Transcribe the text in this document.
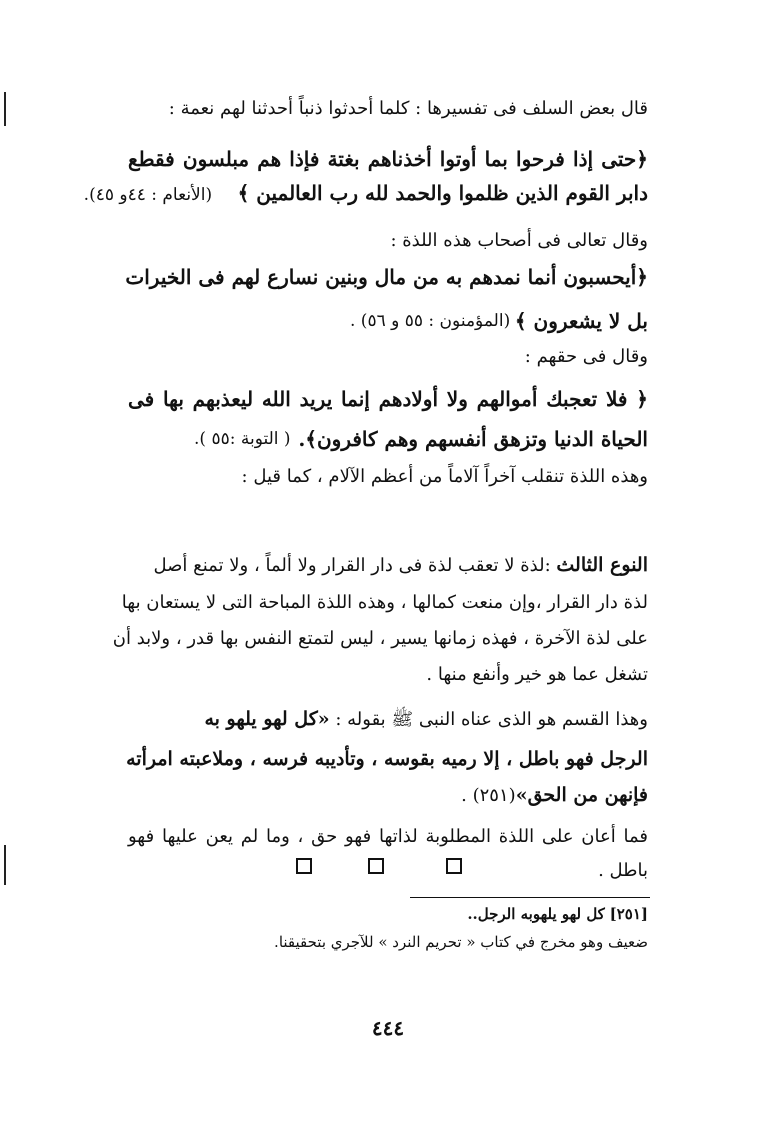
قال بعض السلف فى تفسيرها : كلما أحدثوا ذنباً أحدثنا لهم نعمة :
﴿حتى إذا فرحوا بما أوتوا أخذناهم بغتة فإذا هم مبلسون فقطع
دابر القوم الذين ظلموا والحمد لله رب العالمين ﴾  (الأنعام : ٤٤و ٤٥).
وقال تعالى فى أصحاب هذه اللذة :
﴿أيحسبون أنما نمدهم به من مال وبنين نسارع لهم فى الخيرات
بل لا يشعرون ﴾
(المؤمنون : ٥٥ و ٥٦) .
وقال فى حقهم :
﴿ فلا تعجبك أموالهم ولا أولادهم إنما يريد الله ليعذبهم بها فى
الحياة الدنيا وتزهق أنفسهم وهم كافرون﴾.
( التوبة :٥٥ ).
وهذه اللذة تنقلب آخراً آلاماً من أعظم الآلام ، كما قيل :
النوع الثالث :لذة لا تعقب لذة فى دار القرار ولا ألماً ، ولا تمنع أصل
لذة دار القرار ،وإن منعت كمالها ، وهذه اللذة المباحة التى لا يستعان بها
على لذة الآخرة ، فهذه زمانها يسير ، ليس لتمتع النفس بها قدر ، ولابد أن
تشغل عما هو خير وأنفع منها .
وهذا القسم هو الذى عناه النبى ﷺ بقوله : «كل لهو يلهو به
الرجل فهو باطل ، إلا رميه بقوسه ، وتأديبه فرسه ، وملاعبته امرأته
فإنهن من الحق»(٢٥١) .
فما أعان على اللذة المطلوبة لذاتها فهو حق ، وما لم يعن عليها فهو
باطل .
[٢٥١] كل لهو يلهوبه الرجل..
ضعيف وهو مخرج في كتاب « تحريم النرد » للآجري بتحقيقنا.
٤٤٤
